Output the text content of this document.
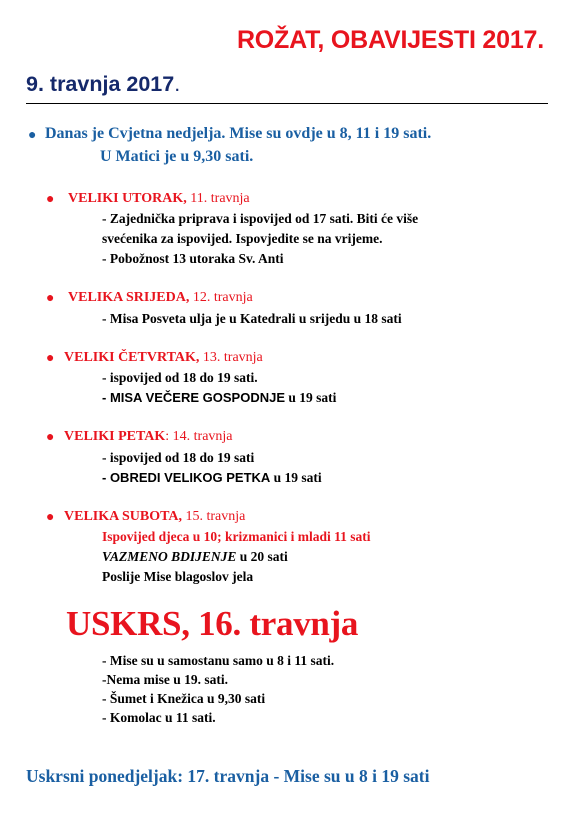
ROŽAT, OBAVIJESTI 2017.
9. travnja 2017.
● Danas je Cvjetna nedjelja. Mise su ovdje u 8, 11 i 19 sati.
U Matici je u 9,30 sati.
● VELIKI UTORAK, 11. travnja
- Zajednička priprava i ispovijed od 17 sati. Biti će više
svećenika za ispovijed. Ispovjedite se na vrijeme.
- Pobožnost 13 utoraka Sv. Anti
● VELIKA SRIJEDA, 12. travnja
- Misa Posveta ulja je u Katedrali u srijedu u 18 sati
● VELIKI ČETVRTAK, 13. travnja
- ispovijed od 18 do 19 sati.
- MISA VEČERE GOSPODNJE u 19 sati
● VELIKI PETAK: 14. travnja
- ispovijed od 18 do 19 sati
- OBREDI VELIKOG PETKA u 19 sati
● VELIKA SUBOTA, 15. travnja
Ispovijed djeca u 10; krizmanici i mladi 11 sati
VAZMENO BDIJENJE u 20 sati
Poslije Mise blagoslov jela
USKRS, 16. travnja
- Mise su u samostanu samo u 8 i 11 sati.
-Nema mise u 19. sati.
- Šumet i Knežica u 9,30 sati
- Komolac u 11 sati.
Uskrsni ponedjeljak: 17. travnja - Mise su u 8 i 19 sati
